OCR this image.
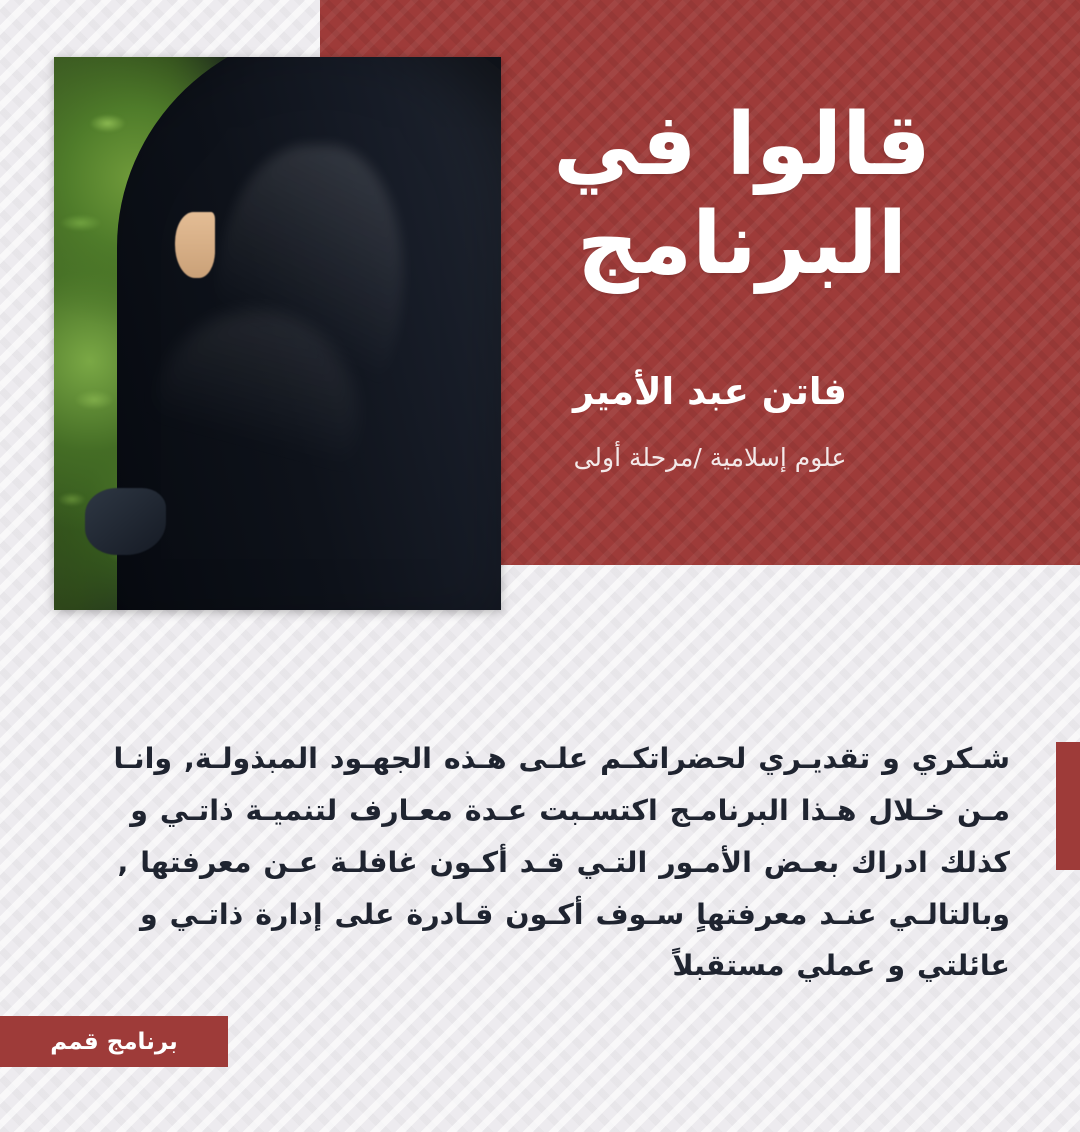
قالوا في البرنامج
فاتن عبد الأمير
علوم إسلامية /مرحلة أولى
شـكري و تقديـري لحضراتكـم علـى هـذه الجهـود المبذولـة, وانـا مـن خـلال هـذا البرنامـج اكتسـبت عـدة معـارف لتنميـة ذاتـي و كذلك ادراك بعـض الأمـور التـي قـد أكـون غافلـة عـن معرفتها , وبالتالـي عنـد معرفتهاٍ سـوف أكـون قـادرة على إدارة ذاتـي و عائلتي و عملي مستقبلاً
برنامج قمم
